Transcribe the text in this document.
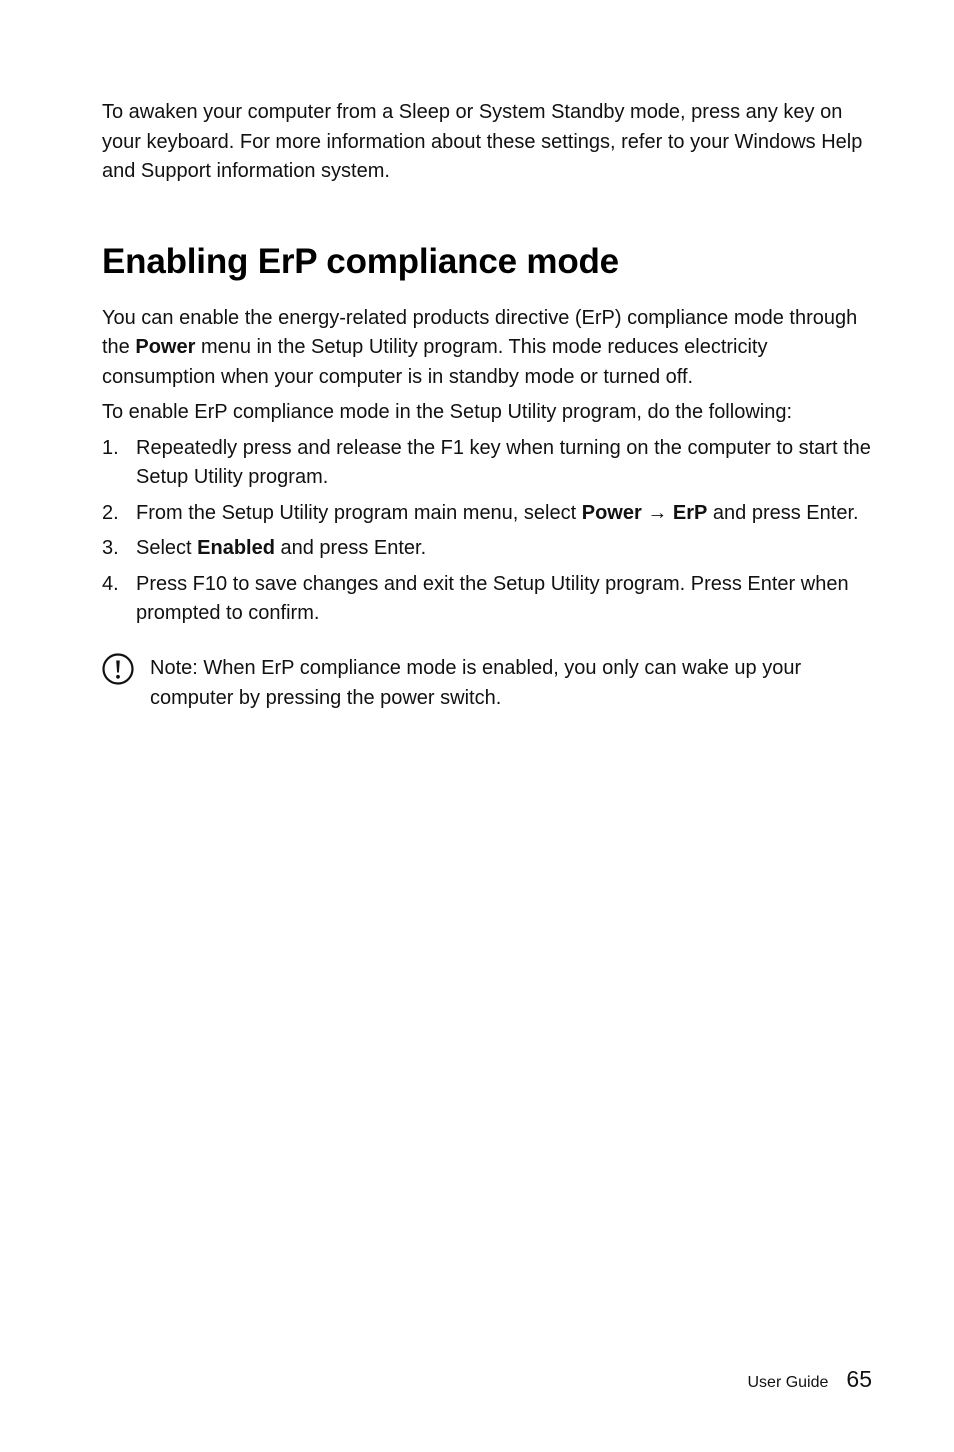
To awaken your computer from a Sleep or System Standby mode, press any key on your keyboard. For more information about these settings, refer to your Windows Help and Support information system.

Enabling ErP compliance mode

You can enable the energy-related products directive (ErP) compliance mode through the Power menu in the Setup Utility program. This mode reduces electricity consumption when your computer is in standby mode or turned off.

To enable ErP compliance mode in the Setup Utility program, do the following:

1. Repeatedly press and release the F1 key when turning on the computer to start the Setup Utility program.
2. From the Setup Utility program main menu, select Power → ErP and press Enter.
3. Select Enabled and press Enter.
4. Press F10 to save changes and exit the Setup Utility program. Press Enter when prompted to confirm.

Note: When ErP compliance mode is enabled, you only can wake up your computer by pressing the power switch.

User Guide 65
